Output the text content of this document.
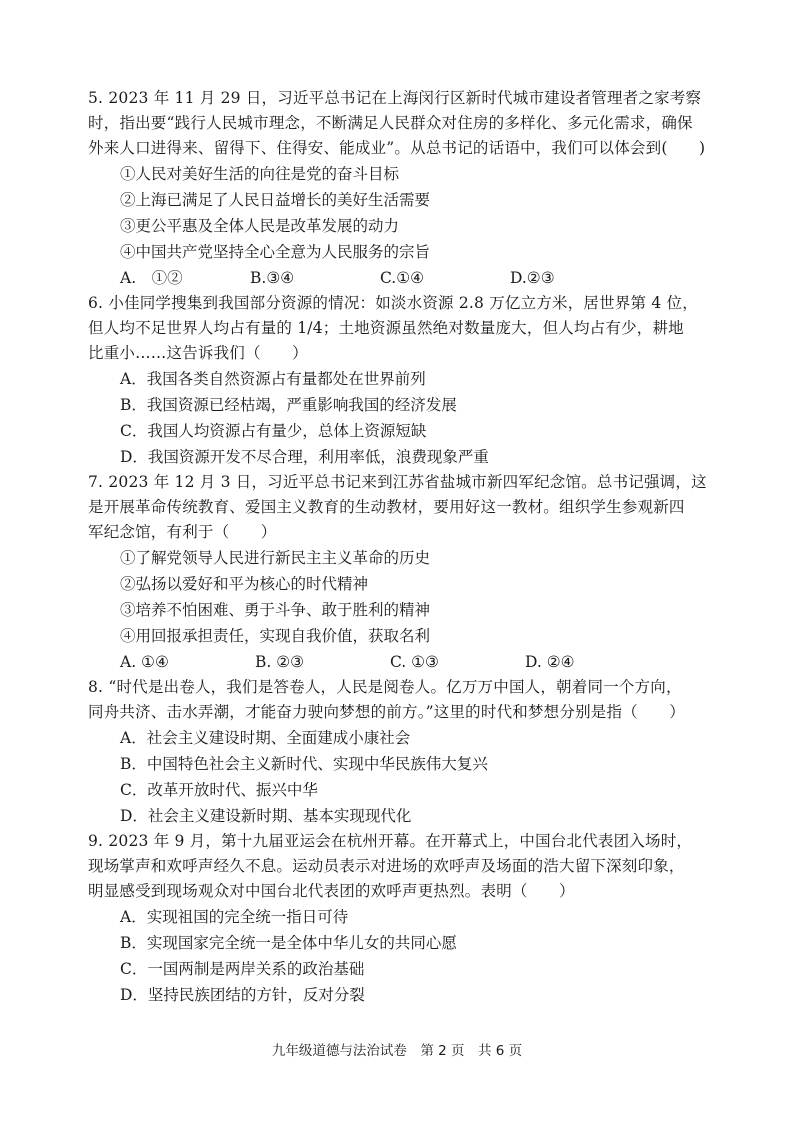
5. 2023 年 11 月 29 日，习近平总书记在上海闵行区新时代城市建设者管理者之家考察
时，指出要“践行人民城市理念，不断满足人民群众对住房的多样化、多元化需求，确保
外来人口进得来、留得下、住得安、能成业”。从总书记的话语中，我们可以体会到(　　)

①人民对美好生活的向往是党的奋斗目标

②上海已满足了人民日益增长的美好生活需要

③更公平惠及全体人民是改革发展的动力

④中国共产党坚持全心全意为人民服务的宗旨

A.　①②	B.③④	C.①④	D.②③

6. 小佳同学搜集到我国部分资源的情况：如淡水资源 2.8 万亿立方米，居世界第 4 位，
但人均不足世界人均占有量的 1/4；土地资源虽然绝对数量庞大，但人均占有少，耕地
比重小……这告诉我们（　　）

A．我国各类自然资源占有量都处在世界前列

B．我国资源已经枯竭，严重影响我国的经济发展

C．我国人均资源占有量少，总体上资源短缺

D．我国资源开发不尽合理，利用率低，浪费现象严重

7. 2023 年 12 月 3 日，习近平总书记来到江苏省盐城市新四军纪念馆。总书记强调，这
是开展革命传统教育、爱国主义教育的生动教材，要用好这一教材。组织学生参观新四
军纪念馆，有利于（　　）

①了解党领导人民进行新民主主义革命的历史

②弘扬以爱好和平为核心的时代精神

③培养不怕困难、勇于斗争、敢于胜利的精神

④用回报承担责任，实现自我价值，获取名利

A. ①④	B. ②③	C. ①③	D. ②④

8. “时代是出卷人，我们是答卷人，人民是阅卷人。亿万万中国人，朝着同一个方向，
同舟共济、击水弄潮，才能奋力驶向梦想的前方。”这里的时代和梦想分别是指（　　）

A．社会主义建设时期、全面建成小康社会

B．中国特色社会主义新时代、实现中华民族伟大复兴

C．改革开放时代、振兴中华

D．社会主义建设新时期、基本实现现代化

9. 2023 年 9 月，第十九届亚运会在杭州开幕。在开幕式上，中国台北代表团入场时，
现场掌声和欢呼声经久不息。运动员表示对进场的欢呼声及场面的浩大留下深刻印象，
明显感受到现场观众对中国台北代表团的欢呼声更热烈。表明（　　）

A．实现祖国的完全统一指日可待

B．实现国家完全统一是全体中华儿女的共同心愿

C．一国两制是两岸关系的政治基础

D．坚持民族团结的方针，反对分裂

九年级道德与法治试卷　第 2 页　共 6 页
